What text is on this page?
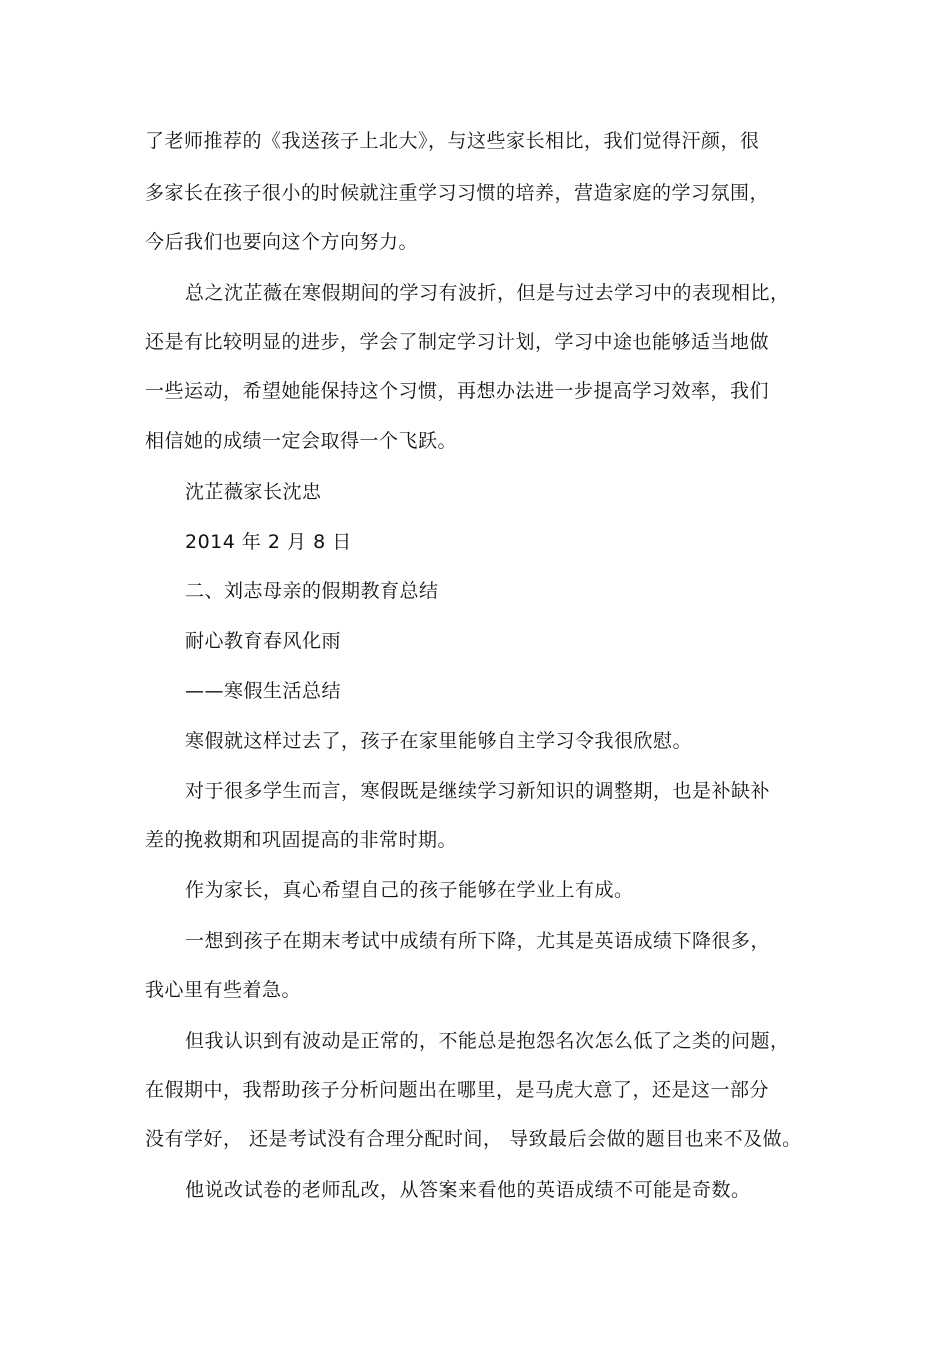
了老师推荐的《我送孩子上北大》，与这些家长相比，我们觉得汗颜，很
多家长在孩子很小的时候就注重学习习惯的培养，营造家庭的学习氛围，
今后我们也要向这个方向努力。
总之沈芷薇在寒假期间的学习有波折，但是与过去学习中的表现相比，
还是有比较明显的进步，学会了制定学习计划，学习中途也能够适当地做
一些运动，希望她能保持这个习惯，再想办法进一步提高学习效率，我们
相信她的成绩一定会取得一个飞跃。
沈芷薇家长沈忠
2014 年 2 月 8 日
二、刘志母亲的假期教育总结
耐心教育春风化雨
——寒假生活总结
寒假就这样过去了，孩子在家里能够自主学习令我很欣慰。
对于很多学生而言，寒假既是继续学习新知识的调整期，也是补缺补
差的挽救期和巩固提高的非常时期。
作为家长，真心希望自己的孩子能够在学业上有成。
一想到孩子在期末考试中成绩有所下降，尤其是英语成绩下降很多，
我心里有些着急。
但我认识到有波动是正常的，不能总是抱怨名次怎么低了之类的问题，
在假期中，我帮助孩子分析问题出在哪里，是马虎大意了，还是这一部分
没有学好， 还是考试没有合理分配时间， 导致最后会做的题目也来不及做。
他说改试卷的老师乱改，从答案来看他的英语成绩不可能是奇数。
